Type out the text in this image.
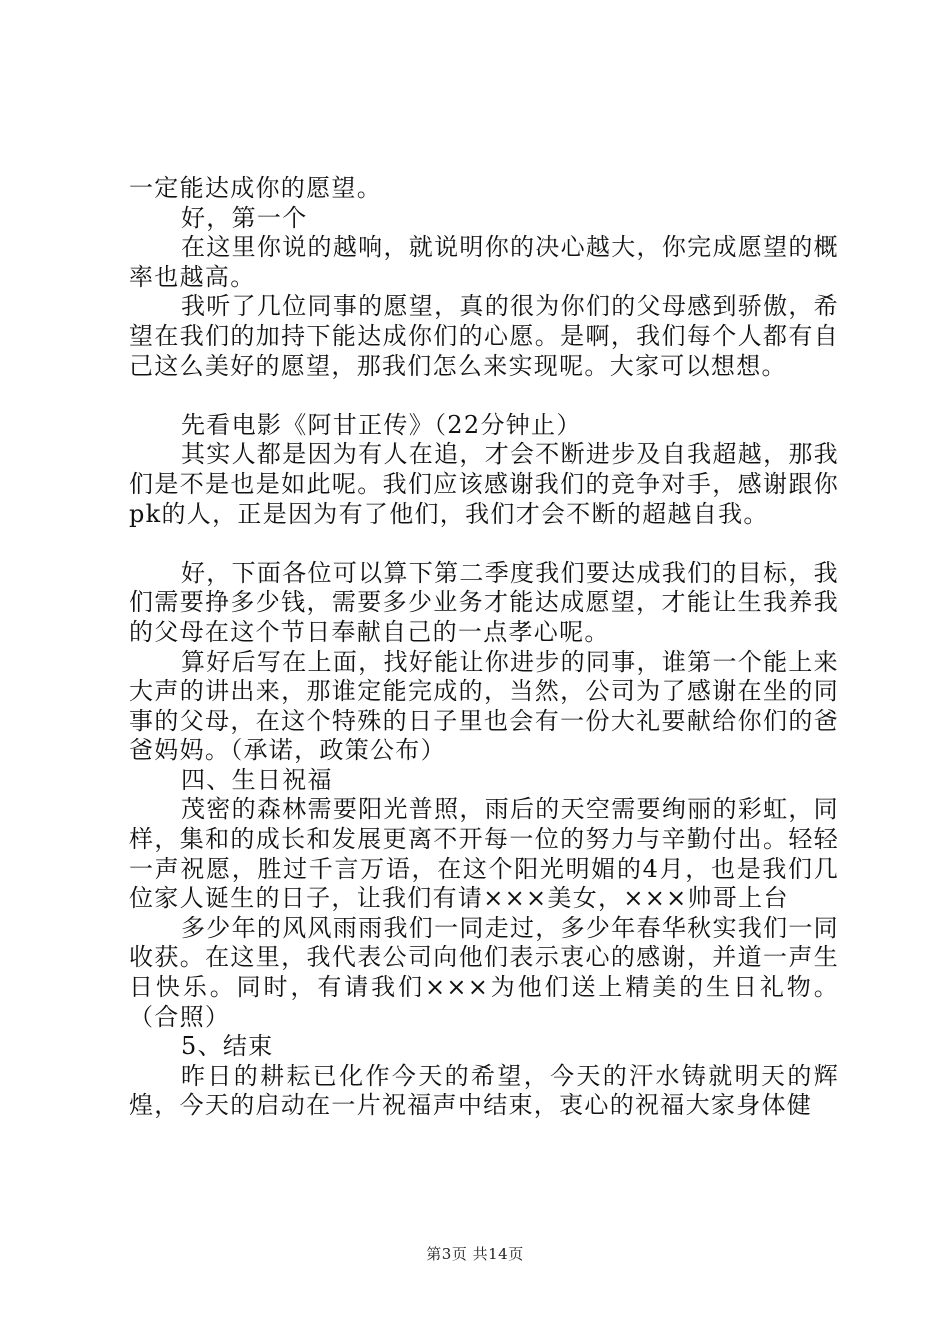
一定能达成你的愿望。

好，第一个

在这里你说的越响，就说明你的决心越大，你完成愿望的概率也越高。

我听了几位同事的愿望，真的很为你们的父母感到骄傲，希望在我们的加持下能达成你们的心愿。是啊，我们每个人都有自己这么美好的愿望，那我们怎么来实现呢。大家可以想想。

先看电影《阿甘正传》（22分钟止）

其实人都是因为有人在追，才会不断进步及自我超越，那我们是不是也是如此呢。我们应该感谢我们的竞争对手，感谢跟你pk的人，正是因为有了他们，我们才会不断的超越自我。

好，下面各位可以算下第二季度我们要达成我们的目标，我们需要挣多少钱，需要多少业务才能达成愿望，才能让生我养我的父母在这个节日奉献自己的一点孝心呢。

算好后写在上面，找好能让你进步的同事，谁第一个能上来大声的讲出来，那谁定能完成的，当然，公司为了感谢在坐的同事的父母，在这个特殊的日子里也会有一份大礼要献给你们的爸爸妈妈。（承诺，政策公布）

四、生日祝福

茂密的森林需要阳光普照，雨后的天空需要绚丽的彩虹，同样，集和的成长和发展更离不开每一位的努力与辛勤付出。轻轻一声祝愿，胜过千言万语，在这个阳光明媚的4月，也是我们几位家人诞生的日子，让我们有请×××美女，×××帅哥上台

多少年的风风雨雨我们一同走过，多少年春华秋实我们一同收获。在这里，我代表公司向他们表示衷心的感谢，并道一声生日快乐。同时，有请我们×××为他们送上精美的生日礼物。（合照）

5、结束

昨日的耕耘已化作今天的希望，今天的汗水铸就明天的辉煌，今天的启动在一片祝福声中结束，衷心的祝福大家身体健

第3页 共14页
